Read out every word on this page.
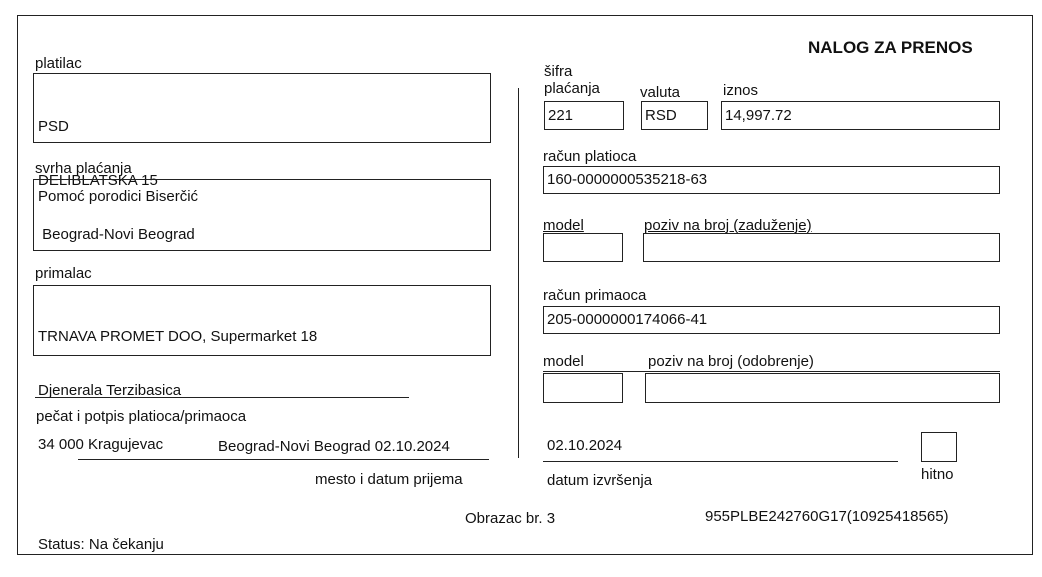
NALOG ZA PRENOS
platilac

PSD

DELIBLATSKA 15

Beograd-Novi Beograd

svrha plaćanja
Pomoć porodici Biserčić
primalac

TRNAVA PROMET DOO, Supermarket 18

Djenerala Terzibasica

34 000 Kragujevac

pečat i potpis platioca/primaoca
Beograd-Novi Beograd 02.10.2024
mesto i datum prijema
šifra
plaćanja	valuta	iznos
221	RSD	14,997.72
račun platioca
160-0000000535218-63
model	poziv na broj (zaduženje)
račun primaoca
205-0000000174066-41
model	poziv na broj (odobrenje)
02.10.2024
datum izvršenja	hitno
Obrazac br. 3	955PLBE242760G17(10925418565)
Status: Na čekanju
